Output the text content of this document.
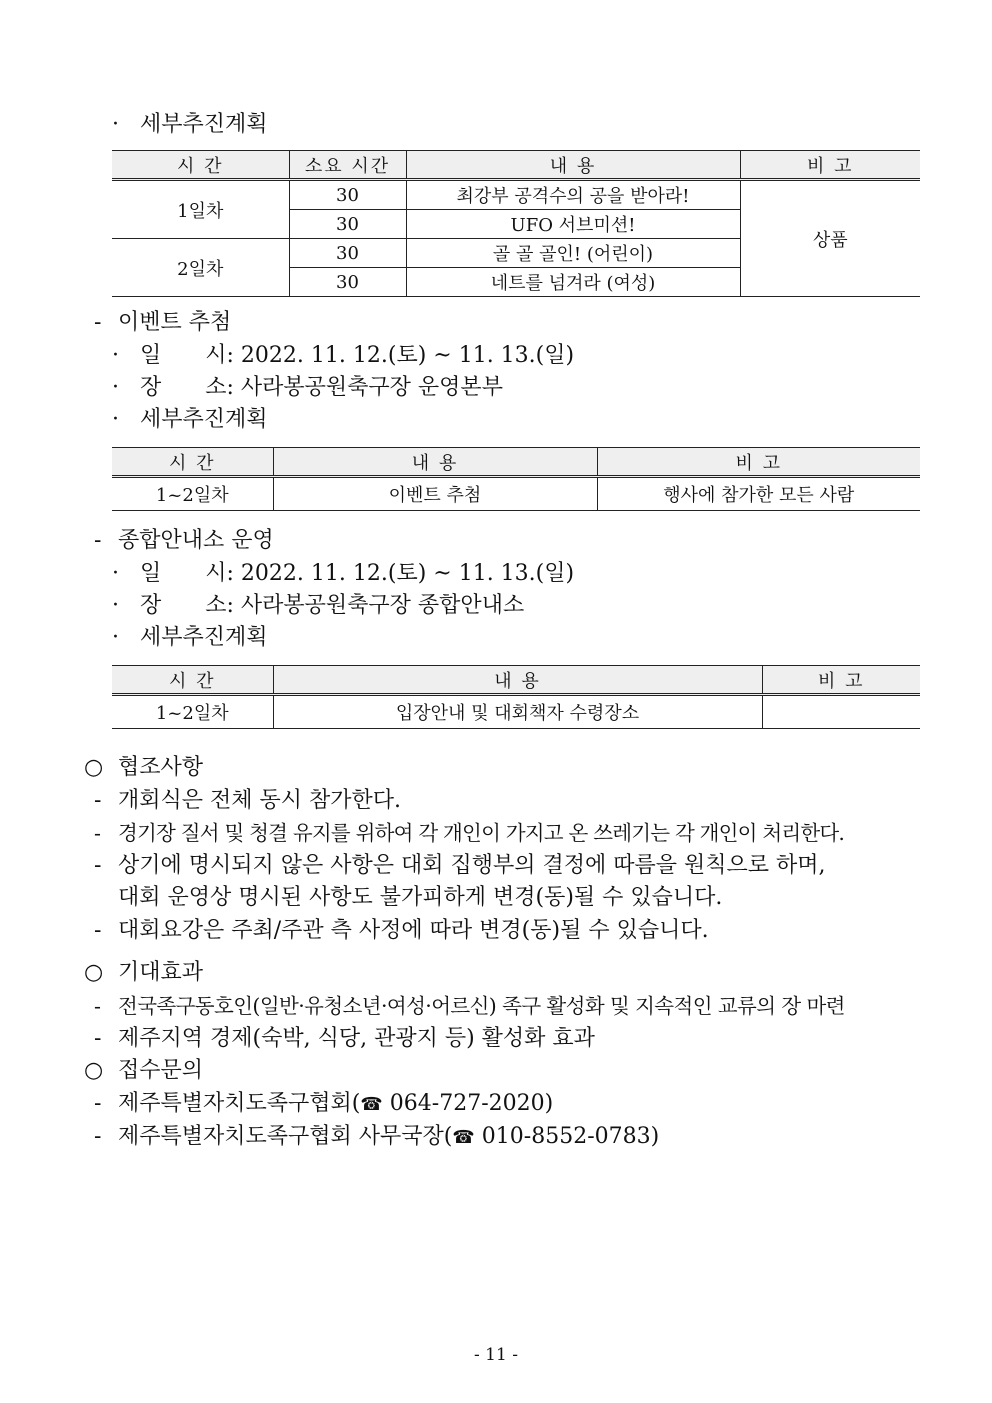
· 세부추진계획
시 간	소요 시간	내 용	비 고
1일차	30	최강부 공격수의 공을 받아라!	상품
	30	UFO 서브미션!	
2일차	30	골 골 골인! (어린이)	
	30	네트를 넘겨라 (여성)	
- 이벤트 추첨
· 일　　시: 2022. 11. 12.(토) ~ 11. 13.(일)
· 장　　소: 사라봉공원축구장 운영본부
· 세부추진계획
시 간	내 용	비 고
1~2일차	이벤트 추첨	행사에 참가한 모든 사람
- 종합안내소 운영
· 일　　시: 2022. 11. 12.(토) ~ 11. 13.(일)
· 장　　소: 사라봉공원축구장 종합안내소
· 세부추진계획
시 간	내 용	비 고
1~2일차	입장안내 및 대회책자 수령장소	
○ 협조사항
- 개회식은 전체 동시 참가한다.
- 경기장 질서 및 청결 유지를 위하여 각 개인이 가지고 온 쓰레기는 각 개인이 처리한다.
- 상기에 명시되지 않은 사항은 대회 집행부의 결정에 따름을 원칙으로 하며,
대회 운영상 명시된 사항도 불가피하게 변경(동)될 수 있습니다.
- 대회요강은 주최/주관 측 사정에 따라 변경(동)될 수 있습니다.
○ 기대효과
- 전국족구동호인(일반·유청소년·여성·어르신) 족구 활성화 및 지속적인 교류의 장 마련
- 제주지역 경제(숙박, 식당, 관광지 등) 활성화 효과
○ 접수문의
- 제주특별자치도족구협회(☎ 064-727-2020)
- 제주특별자치도족구협회 사무국장(☎ 010-8552-0783)
- 11 -
